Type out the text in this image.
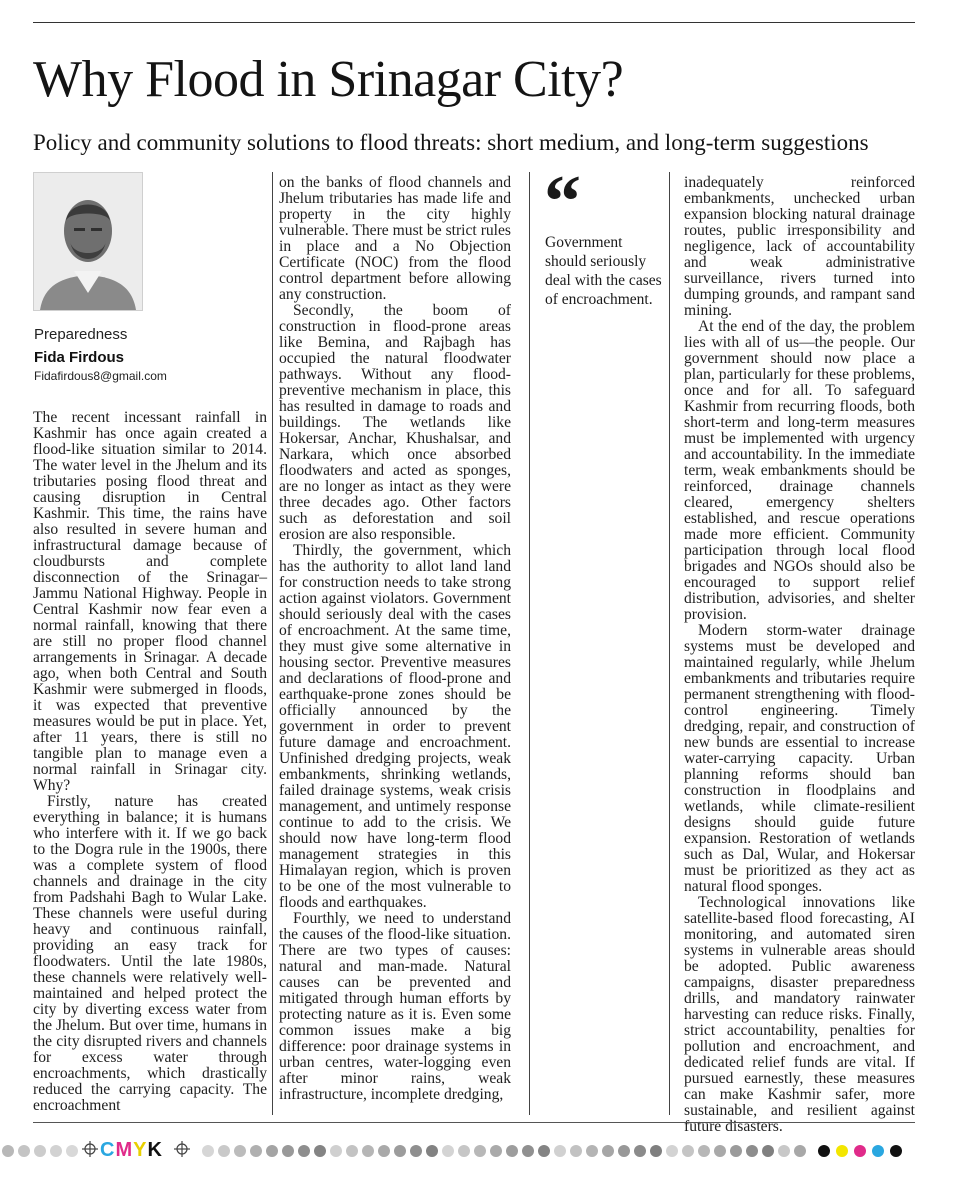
Why Flood in Srinagar City?
Policy and community solutions to flood threats: short medium, and long-term suggestions
Preparedness
Fida Firdous
Fidafirdous8@gmail.com

The recent incessant rainfall in Kashmir has once again created a flood-like situation similar to 2014. The water level in the Jhelum and its tributaries posing flood threat and causing disruption in Central Kashmir. This time, the rains have also resulted in severe human and infrastructural damage because of cloudbursts and complete disconnection of the Srinagar–Jammu National Highway. People in Central Kashmir now fear even a normal rainfall, knowing that there are still no proper flood channel arrangements in Srinagar. A decade ago, when both Central and South Kashmir were submerged in floods, it was expected that preventive measures would be put in place. Yet, after 11 years, there is still no tangible plan to manage even a normal rainfall in Srinagar city. Why?

Firstly, nature has created everything in balance; it is humans who interfere with it. If we go back to the Dogra rule in the 1900s, there was a complete system of flood channels and drainage in the city from Padshahi Bagh to Wular Lake. These channels were useful during heavy and continuous rainfall, providing an easy track for floodwaters. Until the late 1980s, these channels were relatively well-maintained and helped protect the city by diverting excess water from the Jhelum. But over time, humans in the city disrupted rivers and channels for excess water through encroachments, which drastically reduced the carrying capacity. The encroachment

on the banks of flood channels and Jhelum tributaries has made life and property in the city highly vulnerable. There must be strict rules in place and a No Objection Certificate (NOC) from the flood control department before allowing any construction.

Secondly, the boom of construction in flood-prone areas like Bemina, and Rajbagh has occupied the natural floodwater pathways. Without any flood-preventive mechanism in place, this has resulted in damage to roads and buildings. The wetlands like Hokersar, Anchar, Khushalsar, and Narkara, which once absorbed floodwaters and acted as sponges, are no longer as intact as they were three decades ago. Other factors such as deforestation and soil erosion are also responsible.

Thirdly, the government, which has the authority to allot land land for construction needs to take strong action against violators. Government should seriously deal with the cases of encroachment. At the same time, they must give some alternative in housing sector. Preventive measures and declarations of flood-prone and earthquake-prone zones should be officially announced by the government in order to prevent future damage and encroachment. Unfinished dredging projects, weak embankments, shrinking wetlands, failed drainage systems, weak crisis management, and untimely response continue to add to the crisis. We should now have long-term flood management strategies in this Himalayan region, which is proven to be one of the most vulnerable to floods and earthquakes.

Fourthly, we need to understand the causes of the flood-like situation. There are two types of causes: natural and man-made. Natural causes can be prevented and mitigated through human efforts by protecting nature as it is. Even some common issues make a big difference: poor drainage systems in urban centres, water-logging even after minor rains, weak infrastructure, incomplete dredging,

“
Government should seriously deal with the cases of encroachment.

inadequately reinforced embankments, unchecked urban expansion blocking natural drainage routes, public irresponsibility and negligence, lack of accountability and weak administrative surveillance, rivers turned into dumping grounds, and rampant sand mining.

At the end of the day, the problem lies with all of us—the people. Our government should now place a plan, particularly for these problems, once and for all. To safeguard Kashmir from recurring floods, both short-term and long-term measures must be implemented with urgency and accountability. In the immediate term, weak embankments should be reinforced, drainage channels cleared, emergency shelters established, and rescue operations made more efficient. Community participation through local flood brigades and NGOs should also be encouraged to support relief distribution, advisories, and shelter provision.

Modern storm-water drainage systems must be developed and maintained regularly, while Jhelum embankments and tributaries require permanent strengthening with flood-control engineering. Timely dredging, repair, and construction of new bunds are essential to increase water-carrying capacity. Urban planning reforms should ban construction in floodplains and wetlands, while climate-resilient designs should guide future expansion. Restoration of wetlands such as Dal, Wular, and Hokersar must be prioritized as they act as natural flood sponges.

Technological innovations like satellite-based flood forecasting, AI monitoring, and automated siren systems in vulnerable areas should be adopted. Public awareness campaigns, disaster preparedness drills, and mandatory rainwater harvesting can reduce risks. Finally, strict accountability, penalties for pollution and encroachment, and dedicated relief funds are vital. If pursued earnestly, these measures can make Kashmir safer, more sustainable, and resilient against future disasters.

CMYK
